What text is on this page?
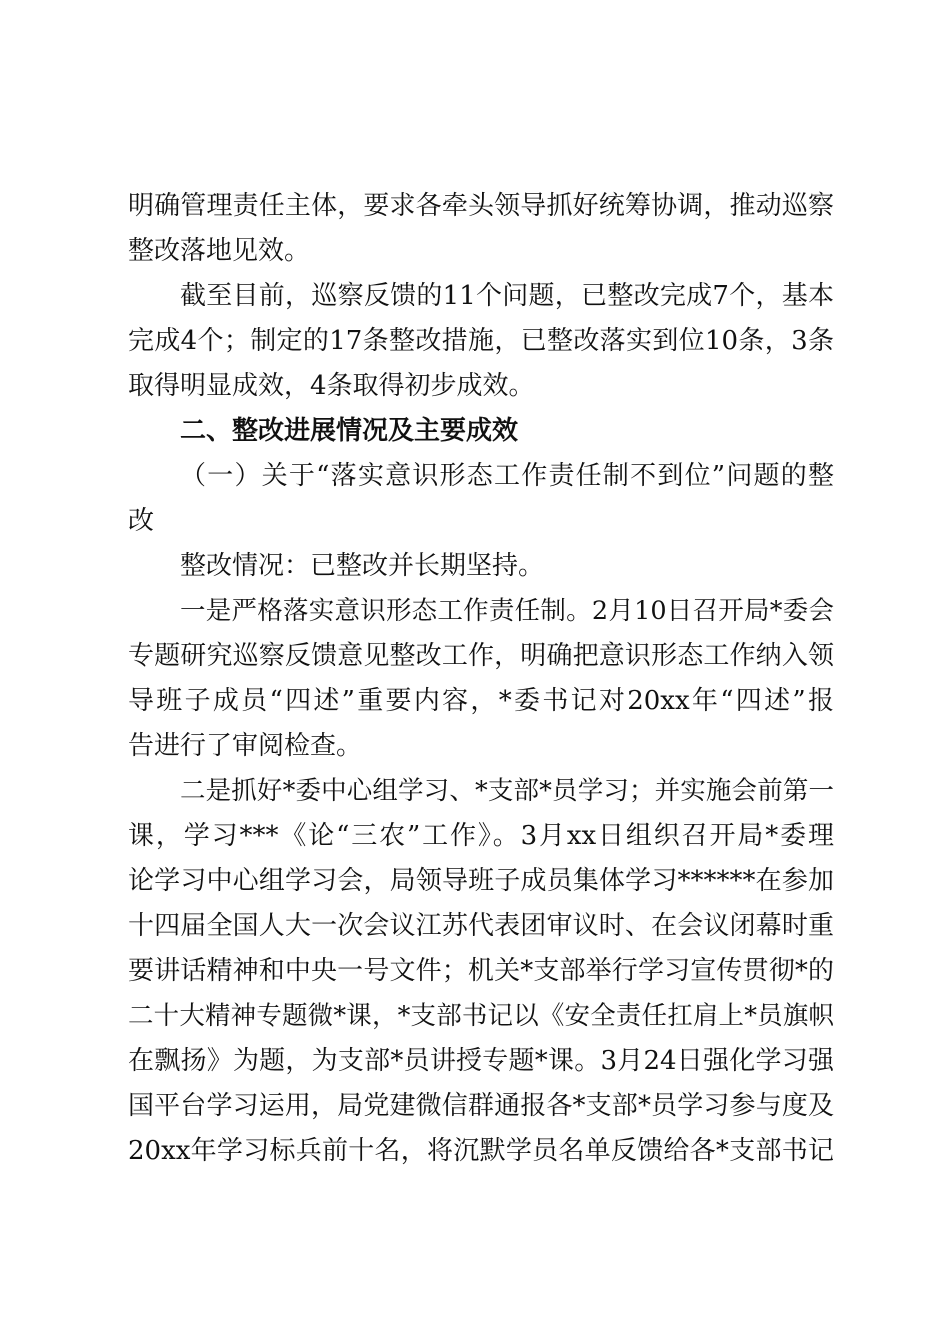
明确管理责任主体，要求各牵头领导抓好统筹协调，推动巡察
整改落地见效。
截至目前，巡察反馈的11个问题，已整改完成7个，基本
完成4个；制定的17条整改措施，已整改落实到位10条，3条
取得明显成效，4条取得初步成效。
二、整改进展情况及主要成效
（一）关于“落实意识形态工作责任制不到位”问题的整
改
整改情况：已整改并长期坚持。
一是严格落实意识形态工作责任制。2月10日召开局*委会
专题研究巡察反馈意见整改工作，明确把意识形态工作纳入领
导班子成员“四述”重要内容，*委书记对20xx年“四述”报
告进行了审阅检查。
二是抓好*委中心组学习、*支部*员学习；并实施会前第一
课，学习***《论“三农”工作》。3月xx日组织召开局*委理
论学习中心组学习会，局领导班子成员集体学习******在参加
十四届全国人大一次会议江苏代表团审议时、在会议闭幕时重
要讲话精神和中央一号文件；机关*支部举行学习宣传贯彻*的
二十大精神专题微*课，*支部书记以《安全责任扛肩上*员旗帜
在飘扬》为题，为支部*员讲授专题*课。3月24日强化学习强
国平台学习运用，局党建微信群通报各*支部*员学习参与度及
20xx年学习标兵前十名，将沉默学员名单反馈给各*支部书记
